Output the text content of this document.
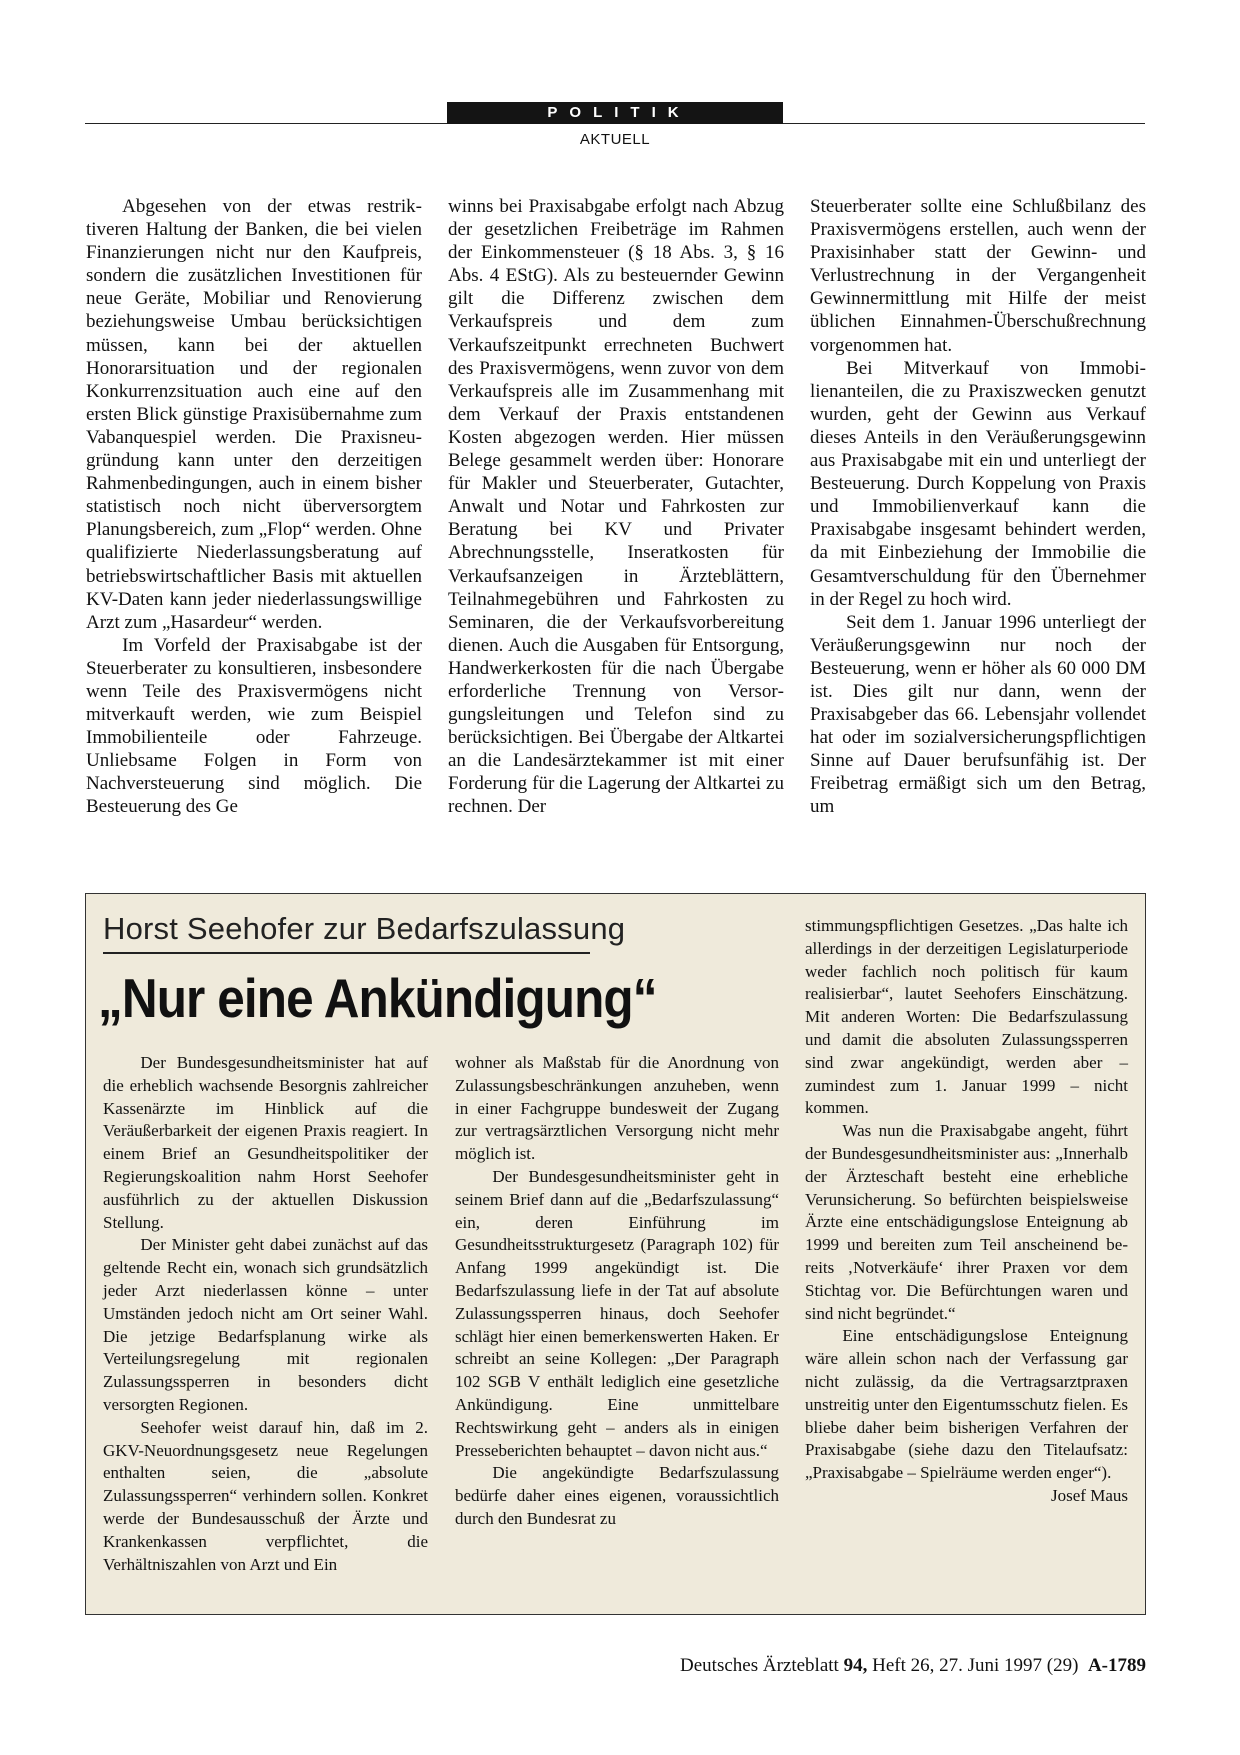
POLITIK
AKTUELL

Abgesehen von der etwas restriktiveren Haltung der Banken, die bei vielen Finanzierungen nicht nur den Kaufpreis, sondern die zusätzlichen Investitionen für neue Geräte, Mobiliar und Renovierung beziehungsweise Umbau berücksichtigen müssen, kann bei der aktuellen Honorarsituation und der regionalen Konkurrenzsituation auch eine auf den ersten Blick günstige Praxisübernahme zum Vabanquespiel werden. Die Praxisneugründung kann unter den derzeitigen Rahmenbedingungen, auch in einem bisher statistisch noch nicht überversorgtem Planungsbereich, zum „Flop“ werden. Ohne qualifizierte Niederlassungsberatung auf betriebswirtschaftlicher Basis mit aktuellen KV-Daten kann jeder niederlassungswillige Arzt zum „Hasardeur“ werden.

Im Vorfeld der Praxisabgabe ist der Steuerberater zu konsultieren, insbesondere wenn Teile des Praxisvermögens nicht mitverkauft werden, wie zum Beispiel Immobilienteile oder Fahrzeuge. Unliebsame Folgen in Form von Nachversteuerung sind möglich. Die Besteuerung des Ge

winns bei Praxisabgabe erfolgt nach Abzug der gesetzlichen Freibeträge im Rahmen der Einkommensteuer (§ 18 Abs. 3, § 16 Abs. 4 EStG). Als zu besteuernder Gewinn gilt die Differenz zwischen dem Verkaufspreis und dem zum Verkaufszeitpunkt errechneten Buchwert des Praxisvermögens, wenn zuvor von dem Verkaufspreis alle im Zusammenhang mit dem Verkauf der Praxis entstandenen Kosten abgezogen werden. Hier müssen Belege gesammelt werden über: Honorare für Makler und Steuerberater, Gutachter, Anwalt und Notar und Fahrkosten zur Beratung bei KV und Privater Abrechnungsstelle, Inseratkosten für Verkaufsanzeigen in Ärzteblättern, Teilnahmegebühren und Fahrkosten zu Seminaren, die der Verkaufsvorbereitung dienen. Auch die Ausgaben für Entsorgung, Handwerkerkosten für die nach Übergabe erforderliche Trennung von Versorgungsleitungen und Telefon sind zu berücksichtigen. Bei Übergabe der Altkartei an die Landesärztekammer ist mit einer Forderung für die Lagerung der Altkartei zu rechnen. Der

Steuerberater sollte eine Schlußbilanz des Praxisvermögens erstellen, auch wenn der Praxisinhaber statt der Gewinn- und Verlustrechnung in der Vergangenheit Gewinnermittlung mit Hilfe der meist üblichen Einnahmen-Überschußrechnung vorgenommen hat.

Bei Mitverkauf von Immobilienanteilen, die zu Praxiszwecken genutzt wurden, geht der Gewinn aus Verkauf dieses Anteils in den Veräußerungsgewinn aus Praxisabgabe mit ein und unterliegt der Besteuerung. Durch Koppelung von Praxis und Immobilienverkauf kann die Praxisabgabe insgesamt behindert werden, da mit Einbeziehung der Immobilie die Gesamtverschuldung für den Übernehmer in der Regel zu hoch wird.

Seit dem 1. Januar 1996 unterliegt der Veräußerungsgewinn nur noch der Besteuerung, wenn er höher als 60 000 DM ist. Dies gilt nur dann, wenn der Praxisabgeber das 66. Lebensjahr vollendet hat oder im sozialversicherungspflichtigen Sinne auf Dauer berufsunfähig ist. Der Freibetrag ermäßigt sich um den Betrag, um

Horst Seehofer zur Bedarfszulassung
„Nur eine Ankündigung“

Der Bundesgesundheitsminister hat auf die erheblich wachsende Besorgnis zahlreicher Kassenärzte im Hinblick auf die Veräußerbarkeit der eigenen Praxis reagiert. In einem Brief an Gesundheitspolitiker der Regierungskoalition nahm Horst Seehofer ausführlich zu der aktuellen Diskussion Stellung.

Der Minister geht dabei zunächst auf das geltende Recht ein, wonach sich grundsätzlich jeder Arzt niederlassen könne – unter Umständen jedoch nicht am Ort seiner Wahl. Die jetzige Bedarfsplanung wirke als Verteilungsregelung mit regionalen Zulassungssperren in besonders dicht versorgten Regionen.

Seehofer weist darauf hin, daß im 2. GKV-Neuordnungsgesetz neue Regelungen enthalten seien, die „absolute Zulassungssperren“ verhindern sollen. Konkret werde der Bundesausschuß der Ärzte und Krankenkassen verpflichtet, die Verhältniszahlen von Arzt und Ein

wohner als Maßstab für die Anordnung von Zulassungsbeschränkungen anzuheben, wenn in einer Fachgruppe bundesweit der Zugang zur vertragsärztlichen Versorgung nicht mehr möglich ist.

Der Bundesgesundheitsminister geht in seinem Brief dann auf die „Bedarfszulassung“ ein, deren Einführung im Gesundheitsstrukturgesetz (Paragraph 102) für Anfang 1999 angekündigt ist. Die Bedarfszulassung liefe in der Tat auf absolute Zulassungssperren hinaus, doch Seehofer schlägt hier einen bemerkenswerten Haken. Er schreibt an seine Kollegen: „Der Paragraph 102 SGB V enthält lediglich eine gesetzliche Ankündigung. Eine unmittelbare Rechtswirkung geht – anders als in einigen Presseberichten behauptet – davon nicht aus.“

Die angekündigte Bedarfszulassung bedürfe daher eines eigenen, voraussichtlich durch den Bundesrat zu

stimmungspflichtigen Gesetzes. „Das halte ich allerdings in der derzeitigen Legislaturperiode weder fachlich noch politisch für kaum realisierbar“, lautet Seehofers Einschätzung. Mit anderen Worten: Die Bedarfszulassung und damit die absoluten Zulassungssperren sind zwar angekündigt, werden aber – zumindest zum 1. Januar 1999 – nicht kommen.

Was nun die Praxisabgabe angeht, führt der Bundesgesundheitsminister aus: „Innerhalb der Ärzteschaft besteht eine erhebliche Verunsicherung. So befürchten beispielsweise Ärzte eine entschädigungslose Enteignung ab 1999 und bereiten zum Teil anscheinend bereits ‚Notverkäufe‘ ihrer Praxen vor dem Stichtag vor. Die Befürchtungen waren und sind nicht begründet.“

Eine entschädigungslose Enteignung wäre allein schon nach der Verfassung gar nicht zulässig, da die Vertragsarztpraxen unstreitig unter den Eigentumsschutz fielen. Es bliebe daher beim bisherigen Verfahren der Praxisabgabe (siehe dazu den Titelaufsatz: „Praxisabgabe – Spielräume werden enger“).
Josef Maus

Deutsches Ärzteblatt 94, Heft 26, 27. Juni 1997 (29) A-1789
